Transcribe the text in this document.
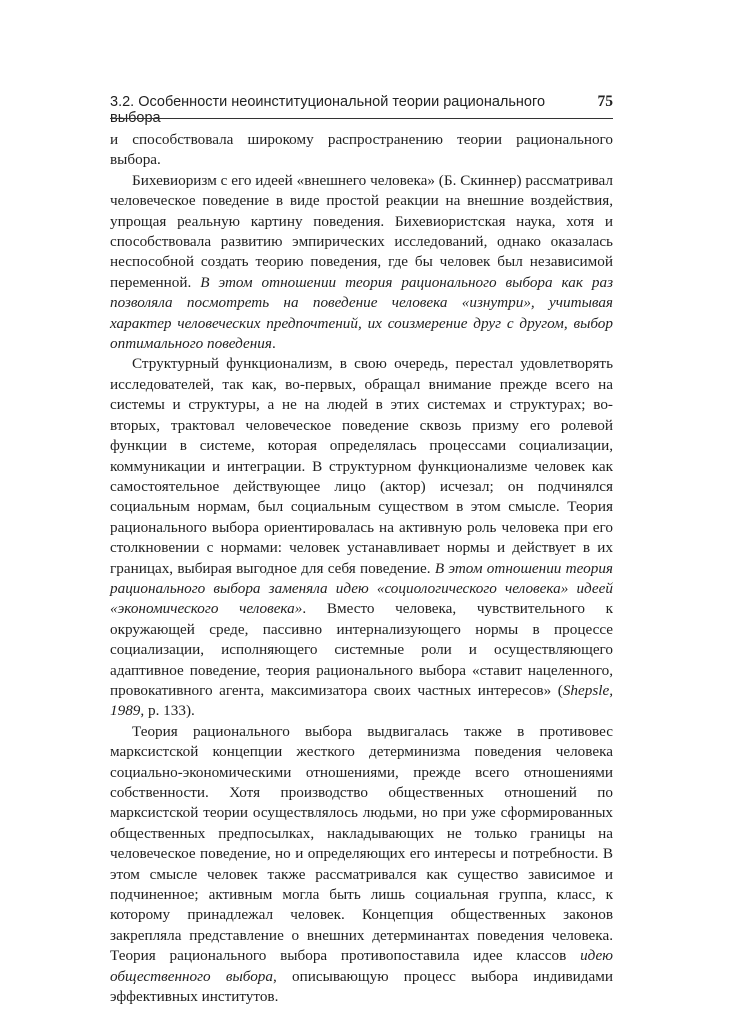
3.2. Особенности неоинституциональной теории рационального выбора
75

и способствовала широкому распространению теории рационального выбора.

Бихевиоризм с его идеей «внешнего человека» (Б. Скиннер) рассматривал человеческое поведение в виде простой реакции на внешние воздействия, упрощая реальную картину поведения. Бихевиористская наука, хотя и способствовала развитию эмпирических исследований, однако оказалась неспособной создать теорию поведения, где бы человек был независимой переменной. В этом отношении теория рационального выбора как раз позволяла посмотреть на поведение человека «изнутри», учитывая характер человеческих предпочтений, их соизмерение друг с другом, выбор оптимального поведения.

Структурный функционализм, в свою очередь, перестал удовлетворять исследователей, так как, во-первых, обращал внимание прежде всего на системы и структуры, а не на людей в этих системах и структурах; во-вторых, трактовал человеческое поведение сквозь призму его ролевой функции в системе, которая определялась процессами социализации, коммуникации и интеграции. В структурном функционализме человек как самостоятельное действующее лицо (актор) исчезал; он подчинялся социальным нормам, был социальным существом в этом смысле. Теория рационального выбора ориентировалась на активную роль человека при его столкновении с нормами: человек устанавливает нормы и действует в их границах, выбирая выгодное для себя поведение. В этом отношении теория рационального выбора заменяла идею «социологического человека» идеей «экономического человека». Вместо человека, чувствительного к окружающей среде, пассивно интернализующего нормы в процессе социализации, исполняющего системные роли и осуществляющего адаптивное поведение, теория рационального выбора «ставит нацеленного, провокативного агента, максимизатора своих частных интересов» (Shepsle, 1989, p. 133).

Теория рационального выбора выдвигалась также в противовес марксистской концепции жесткого детерминизма поведения человека социально-экономическими отношениями, прежде всего отношениями собственности. Хотя производство общественных отношений по марксистской теории осуществлялось людьми, но при уже сформированных общественных предпосылках, накладывающих не только границы на человеческое поведение, но и определяющих его интересы и потребности. В этом смысле человек также рассматривался как существо зависимое и подчиненное; активным могла быть лишь социальная группа, класс, к которому принадлежал человек. Концепция общественных законов закрепляла представление о внешних детерминантах поведения человека. Теория рационального выбора противопоставила идее классов идею общественного выбора, описывающую процесс выбора индивидами эффективных институтов.
